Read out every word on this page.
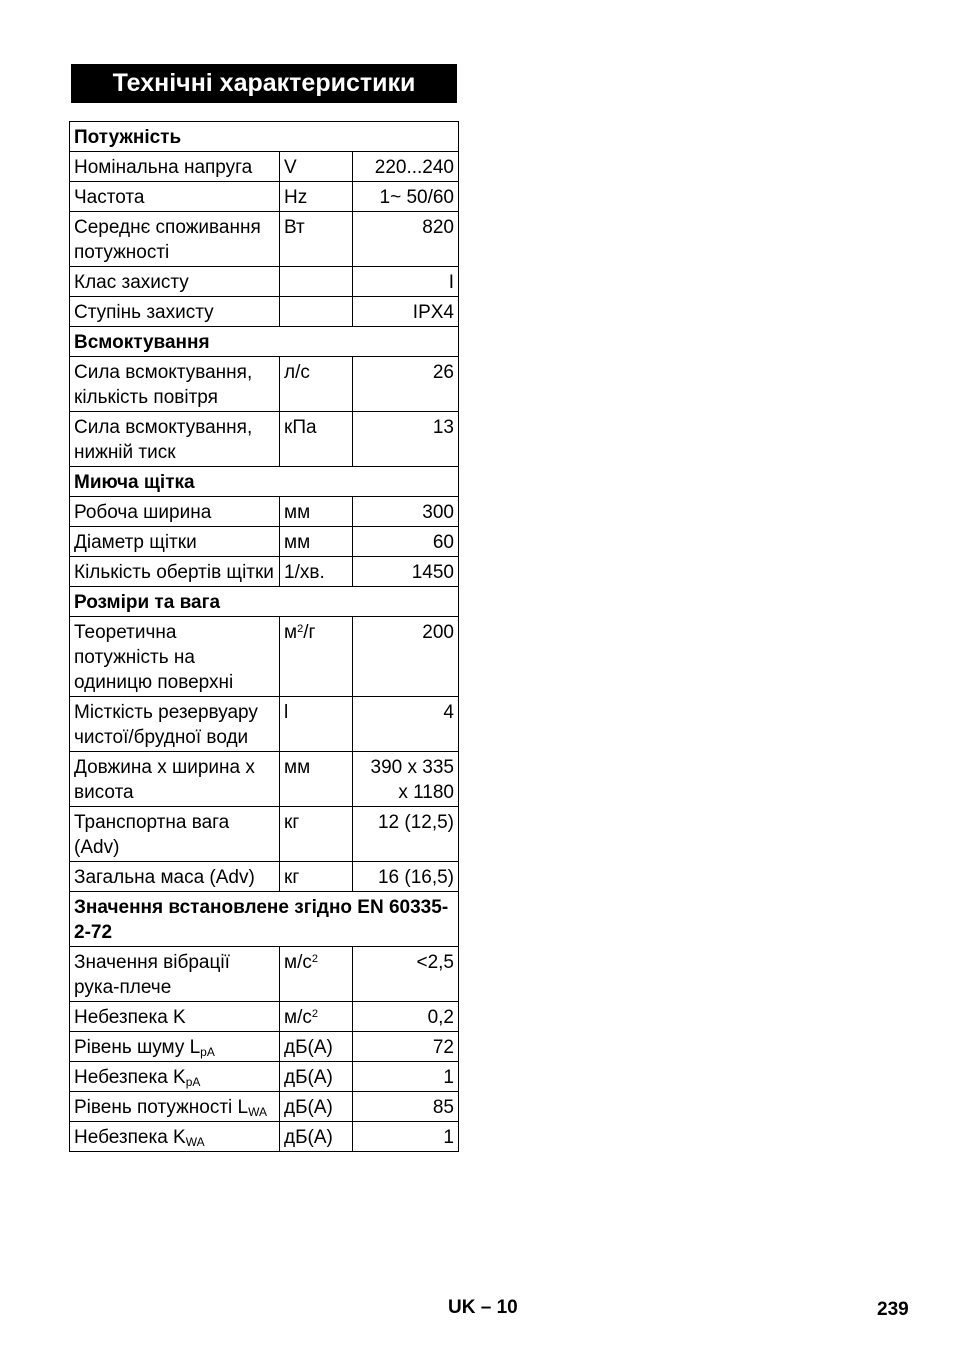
Технічні характеристики
Потужність		
Номінальна напруга	V	220...240
Частота	Hz	1~ 50/60
Середнє споживання потужності	Вт	820
Клас захисту		I
Ступінь захисту		IPX4
Всмоктування		
Сила всмоктування, кількість повітря	л/с	26
Сила всмоктування, нижній тиск	кПа	13
Миюча щітка		
Робоча ширина	мм	300
Діаметр щітки	мм	60
Кількість обертів щітки	1/хв.	1450
Розміри та вага		
Теоретична потужність на одиницю поверхні	$м^2/г$	200
Місткість резервуару чистої/брудної води	l	4
Довжина x ширина x висота	мм	390 x 335 x 1180
Транспортна вага (Adv)	кг	12 (12,5)
Загальна маса (Adv)	кг	16 (16,5)
Значення встановлене згідно EN 60335-2-72		
Значення вібрації рука-плече	$м/с^2$	<2,5
Небезпека K	$м/с^2$	0,2
Рівень шуму $L_{pA}$	дБ(A)	72
Небезпека $K_{pA}$	дБ(A)	1
Рівень потужності $L_{WA}$	дБ(A)	85
Небезпека $K_{WA}$	дБ(A)	1
UK – 10	239
